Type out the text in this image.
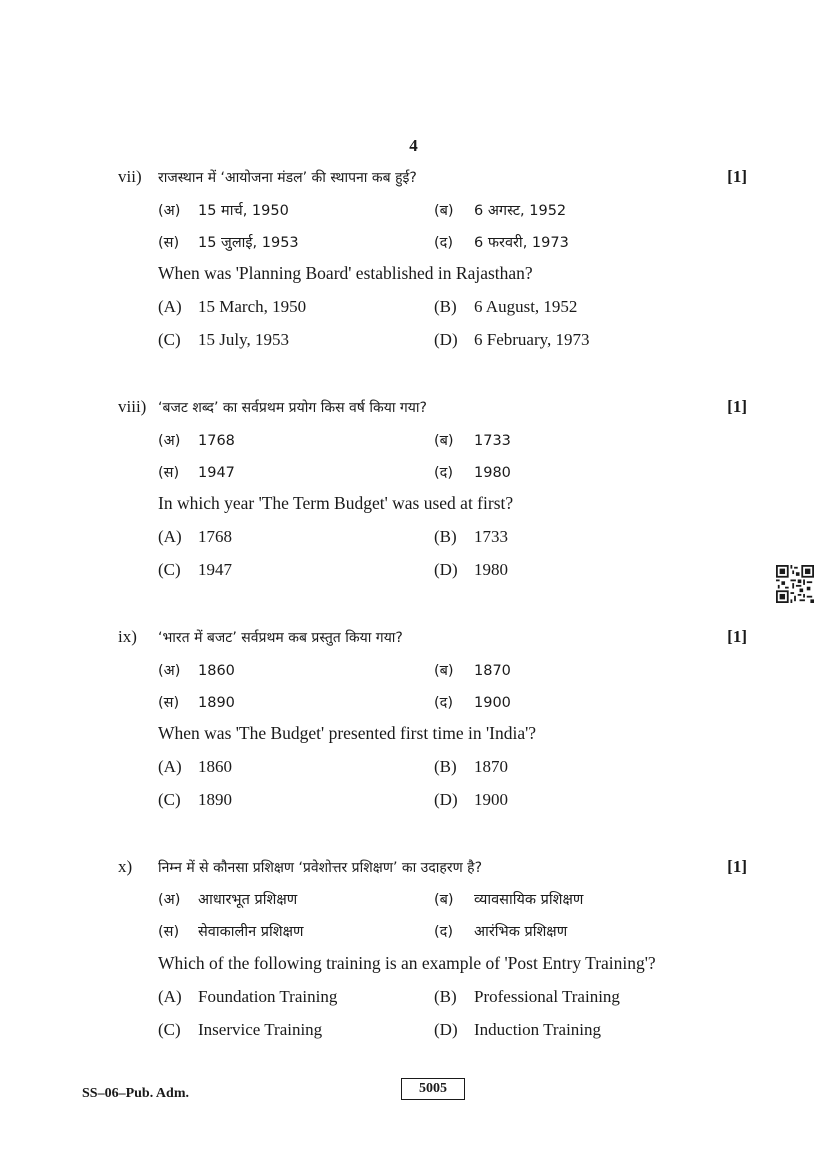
4
vii) राजस्थान में ‘आयोजना मंडल’ की स्थापना कब हुई?	[1]
(अ) 15 मार्च, 1950	(ब) 6 अगस्ट, 1952
(स) 15 जुलाई, 1953	(द) 6 फरवरी, 1973
When was 'Planning Board' established in Rajasthan?
(A) 15 March, 1950	(B) 6 August, 1952
(C) 15 July, 1953	(D) 6 February, 1973
viii) ‘बजट शब्द’ का सर्वप्रथम प्रयोग किस वर्ष किया गया?	[1]
(अ) 1768	(ब) 1733
(स) 1947	(द) 1980
In which year 'The Term Budget' was used at first?
(A) 1768	(B) 1733
(C) 1947	(D) 1980
ix) ‘भारत में बजट’ सर्वप्रथम कब प्रस्तुत किया गया?	[1]
(अ) 1860	(ब) 1870
(स) 1890	(द) 1900
When was 'The Budget' presented first time in 'India'?
(A) 1860	(B) 1870
(C) 1890	(D) 1900
x) निम्न में से कौनसा प्रशिक्षण ‘प्रवेशोत्तर प्रशिक्षण’ का उदाहरण है?	[1]
(अ) आधारभूत प्रशिक्षण	(ब) व्यावसायिक प्रशिक्षण
(स) सेवाकालीन प्रशिक्षण	(द) आरंभिक प्रशिक्षण
Which of the following training is an example of 'Post Entry Training'?
(A) Foundation Training	(B) Professional Training
(C) Inservice Training	(D) Induction Training
SS–06–Pub. Adm.	5005
